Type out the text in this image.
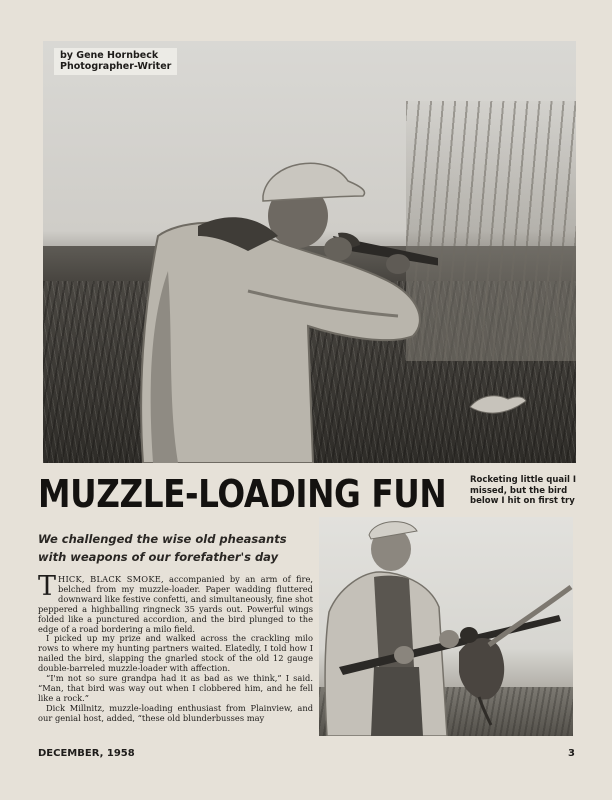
by Gene Hornbeck
Photographer-Writer
MUZZLE-LOADING FUN	Rocketing little quail I
missed, but the bird
below I hit on first try
We challenged the wise old pheasants
with weapons of our forefather's day

THICK, BLACK SMOKE, accompanied by an arm of fire, belched from my muzzle-loader. Paper wadding fluttered downward like festive confetti, and simultaneously, fine shot peppered a highballing ringneck 35 yards out. Powerful wings folded like a punctured accordion, and the bird plunged to the edge of a road bordering a milo field.

I picked up my prize and walked across the crackling milo rows to where my hunting partners waited. Elatedly, I told how I nailed the bird, slapping the gnarled stock of the old 12 gauge double-barreled muzzle-loader with affection.

“I'm not so sure grandpa had it as bad as we think,” I said. “Man, that bird was way out when I clobbered him, and he fell like a rock.”

Dick Millnitz, muzzle-loading enthusiast from Plainview, and our genial host, added, “these old blunderbusses may

DECEMBER, 1958	3
